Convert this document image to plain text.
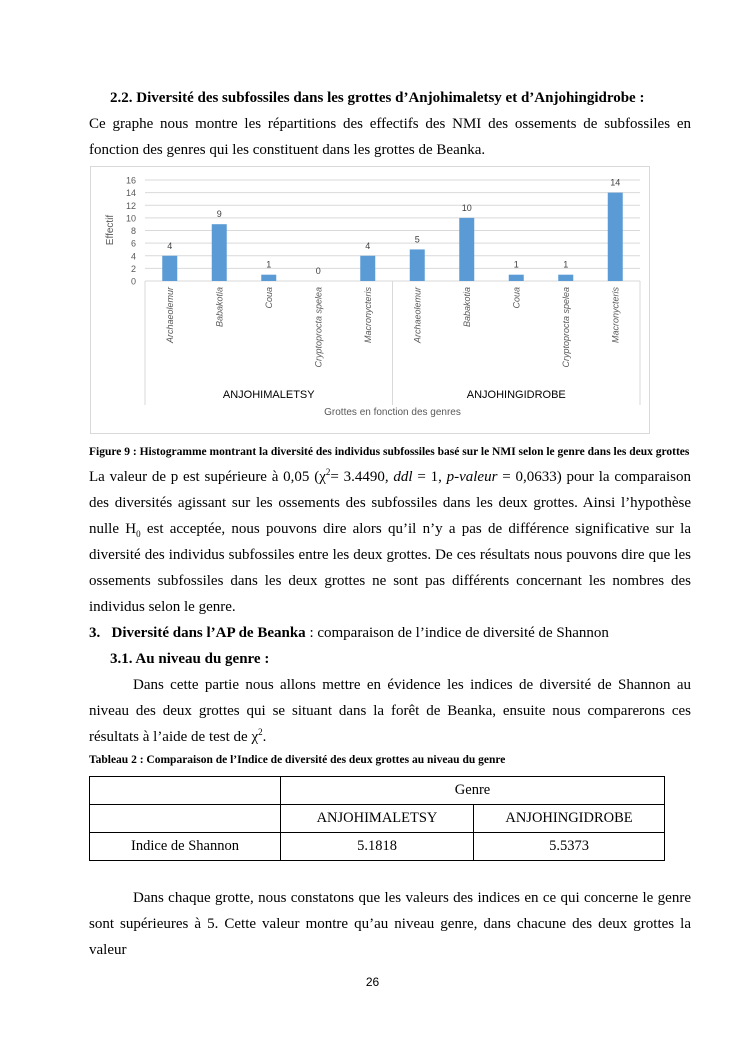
2.2. Diversité des subfossiles dans les grottes d’Anjohimaletsy et d’Anjohingidrobe :
Ce graphe nous montre les répartitions des effectifs des NMI des ossements de subfossiles en fonction des genres qui les constituent dans les grottes de Beanka.
0
2
4
6
8
10
12
14
16
Effectif
4
Archaeolemur
9
Babakotia
1
Coua
0
Cryptoprocta spelea
4
Macronycteris
ANJOHIMALETSY
5
Archaeolemur
10
Babakotia
1
Coua
1
Cryptoprocta spelea
14
Macronycteris
ANJOHINGIDROBE
Grottes en fonction des genres
Figure 9 : Histogramme montrant la diversité des individus subfossiles basé sur le NMI selon le genre dans les deux grottes
La valeur de p est supérieure à 0,05 ($\chi^2= 3.4490$, ddl = 1, p-valeur = 0,0633) pour la comparaison des diversités agissant sur les ossements des subfossiles dans les deux grottes. Ainsi l’hypothèse nulle $H_0$ est acceptée, nous pouvons dire alors qu’il n’y a pas de différence significative sur la diversité des individus subfossiles entre les deux grottes. De ces résultats nous pouvons dire que les ossements subfossiles dans les deux grottes ne sont pas différents concernant les nombres des individus selon le genre.
3. Diversité dans l’AP de Beanka : comparaison de l’indice de diversité de Shannon
3.1. Au niveau du genre :
Dans cette partie nous allons mettre en évidence les indices de diversité de Shannon au niveau des deux grottes qui se situant dans la forêt de Beanka, ensuite nous comparerons ces résultats à l’aide de test de $\chi^2$.
Tableau 2 : Comparaison de l’Indice de diversité des deux grottes au niveau du genre
	Genre	
	ANJOHIMALETSY	ANJOHINGIDROBE
Indice de Shannon	5.1818	5.5373
Dans chaque grotte, nous constatons que les valeurs des indices en ce qui concerne le genre sont supérieures à 5. Cette valeur montre qu’au niveau genre, dans chacune des deux grottes la valeur
26
